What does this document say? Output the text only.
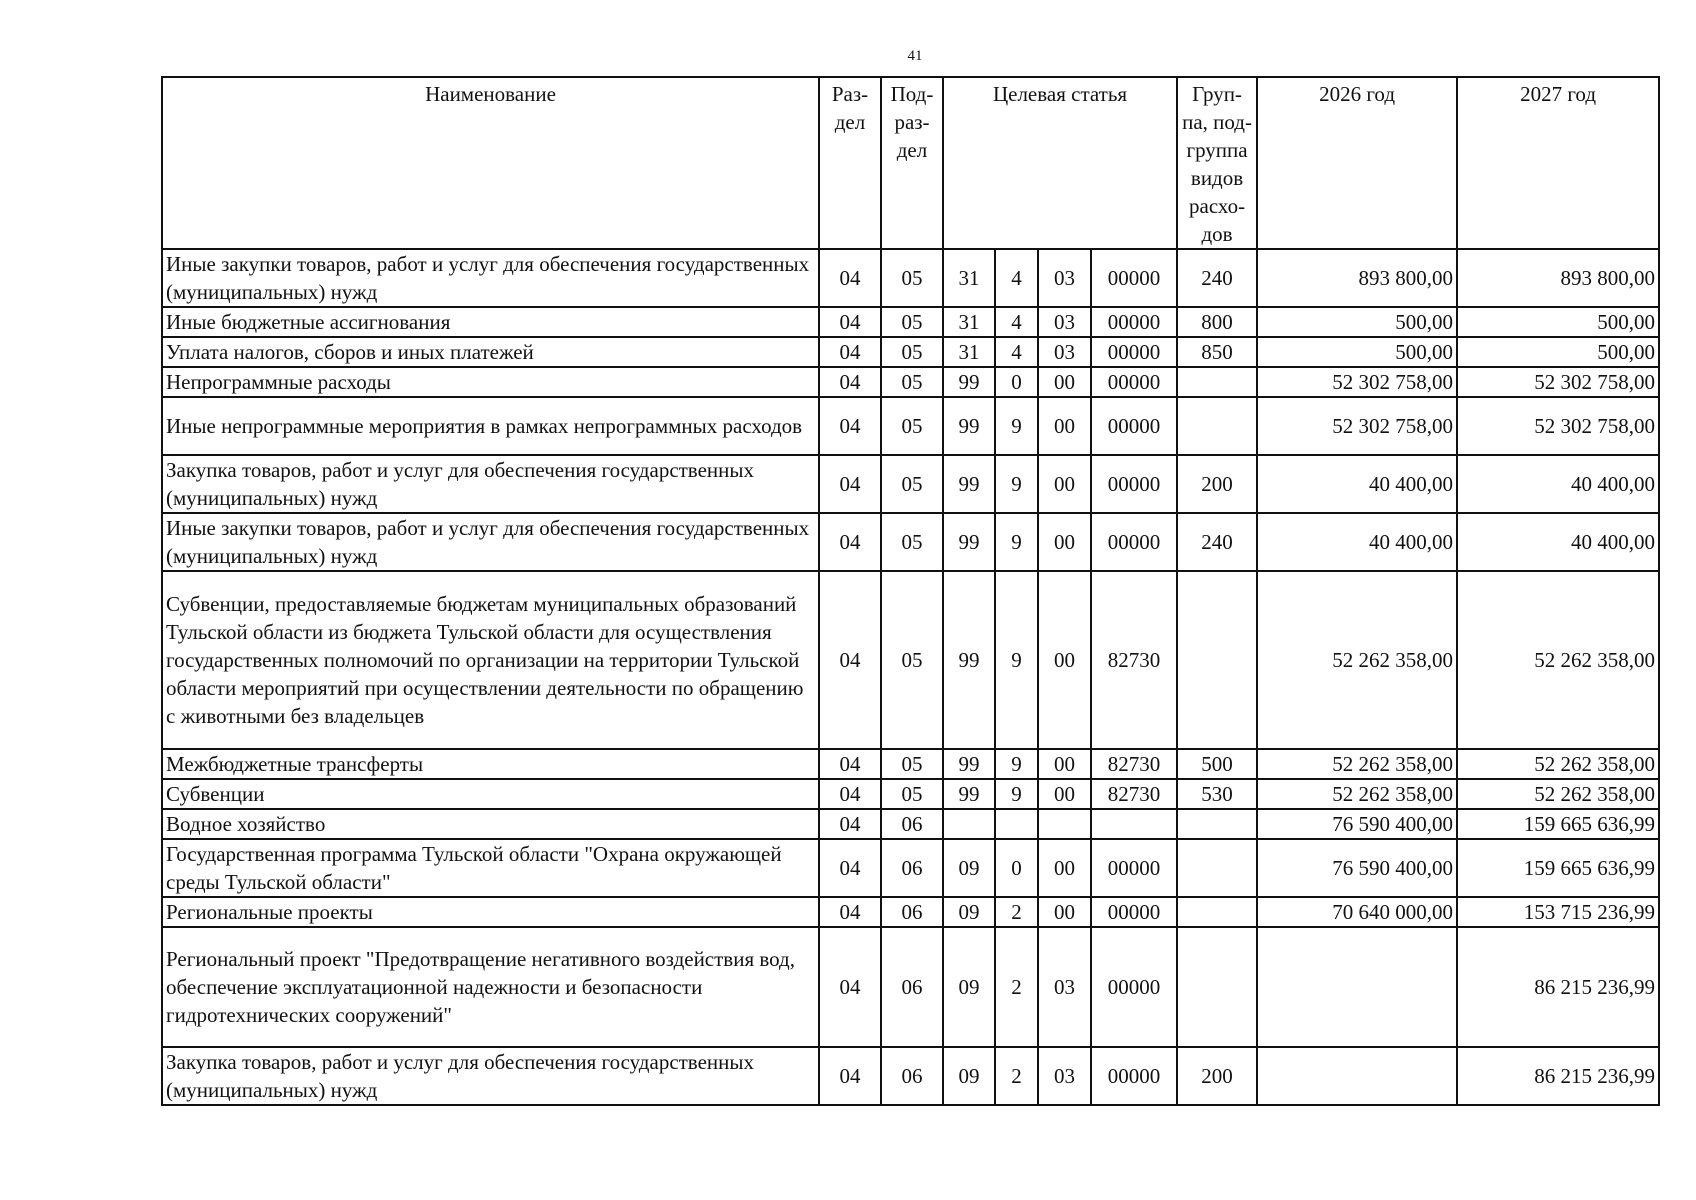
41
Наименование	Раз-дел	Под-раз-дел	Целевая статья				Груп-па, под-группа видов расхо-дов	2026 год	2027 год
Иные закупки товаров, работ и услуг для обеспечения государственных (муниципальных) нужд	04	05	31	4	03	00000	240	893 800,00	893 800,00
Иные бюджетные ассигнования	04	05	31	4	03	00000	800	500,00	500,00
Уплата налогов, сборов и иных платежей	04	05	31	4	03	00000	850	500,00	500,00
Непрограммные расходы	04	05	99	0	00	00000		52 302 758,00	52 302 758,00
Иные непрограммные мероприятия в рамках непрограммных расходов	04	05	99	9	00	00000		52 302 758,00	52 302 758,00
Закупка товаров, работ и услуг для обеспечения государственных (муниципальных) нужд	04	05	99	9	00	00000	200	40 400,00	40 400,00
Иные закупки товаров, работ и услуг для обеспечения государственных (муниципальных) нужд	04	05	99	9	00	00000	240	40 400,00	40 400,00
Субвенции, предоставляемые бюджетам муниципальных образований Тульской области из бюджета Тульской области для осуществления государственных полномочий по организации на территории Тульской области мероприятий при осуществлении деятельности по обращению с животными без владельцев	04	05	99	9	00	82730		52 262 358,00	52 262 358,00
Межбюджетные трансферты	04	05	99	9	00	82730	500	52 262 358,00	52 262 358,00
Субвенции	04	05	99	9	00	82730	530	52 262 358,00	52 262 358,00
Водное хозяйство	04	06						76 590 400,00	159 665 636,99
Государственная программа Тульской области "Охрана окружающей среды Тульской области"	04	06	09	0	00	00000		76 590 400,00	159 665 636,99
Региональные проекты	04	06	09	2	00	00000		70 640 000,00	153 715 236,99
Региональный проект "Предотвращение негативного воздействия вод, обеспечение эксплуатационной надежности и безопасности гидротехнических сооружений"	04	06	09	2	03	00000			86 215 236,99
Закупка товаров, работ и услуг для обеспечения государственных (муниципальных) нужд	04	06	09	2	03	00000	200		86 215 236,99
